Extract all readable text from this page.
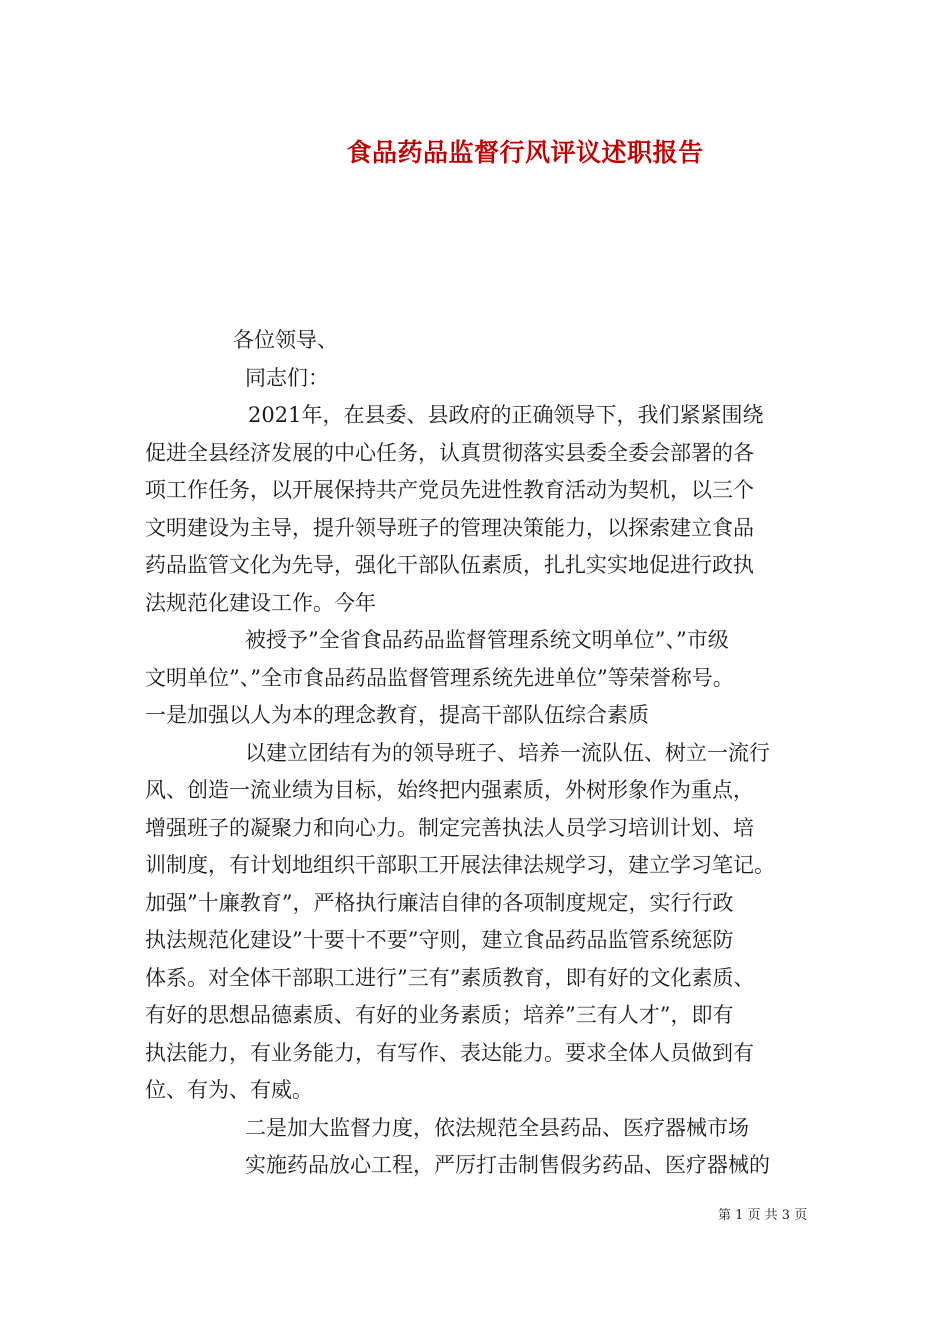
食品药品监督行风评议述职报告
各位领导、
同志们：
2021年，在县委、县政府的正确领导下，我们紧紧围绕
促进全县经济发展的中心任务，认真贯彻落实县委全委会部署的各
项工作任务，以开展保持共产党员先进性教育活动为契机，以三个
文明建设为主导，提升领导班子的管理决策能力，以探索建立食品
药品监管文化为先导，强化干部队伍素质，扎扎实实地促进行政执
法规范化建设工作。今年
被授予”全省食品药品监督管理系统文明单位”、”市级
文明单位”、”全市食品药品监督管理系统先进单位”等荣誉称号。
一是加强以人为本的理念教育，提高干部队伍综合素质
以建立团结有为的领导班子、培养一流队伍、树立一流行
风、创造一流业绩为目标，始终把内强素质，外树形象作为重点，
增强班子的凝聚力和向心力。制定完善执法人员学习培训计划、培
训制度，有计划地组织干部职工开展法律法规学习，建立学习笔记。
加强”十廉教育”，严格执行廉洁自律的各项制度规定，实行行政
执法规范化建设”十要十不要”守则，建立食品药品监管系统惩防
体系。对全体干部职工进行”三有”素质教育，即有好的文化素质、
有好的思想品德素质、有好的业务素质；培养”三有人才”，即有
执法能力，有业务能力，有写作、表达能力。要求全体人员做到有
位、有为、有威。
二是加大监督力度，依法规范全县药品、医疗器械市场
实施药品放心工程，严厉打击制售假劣药品、医疗器械的
第 1 页 共 3 页
